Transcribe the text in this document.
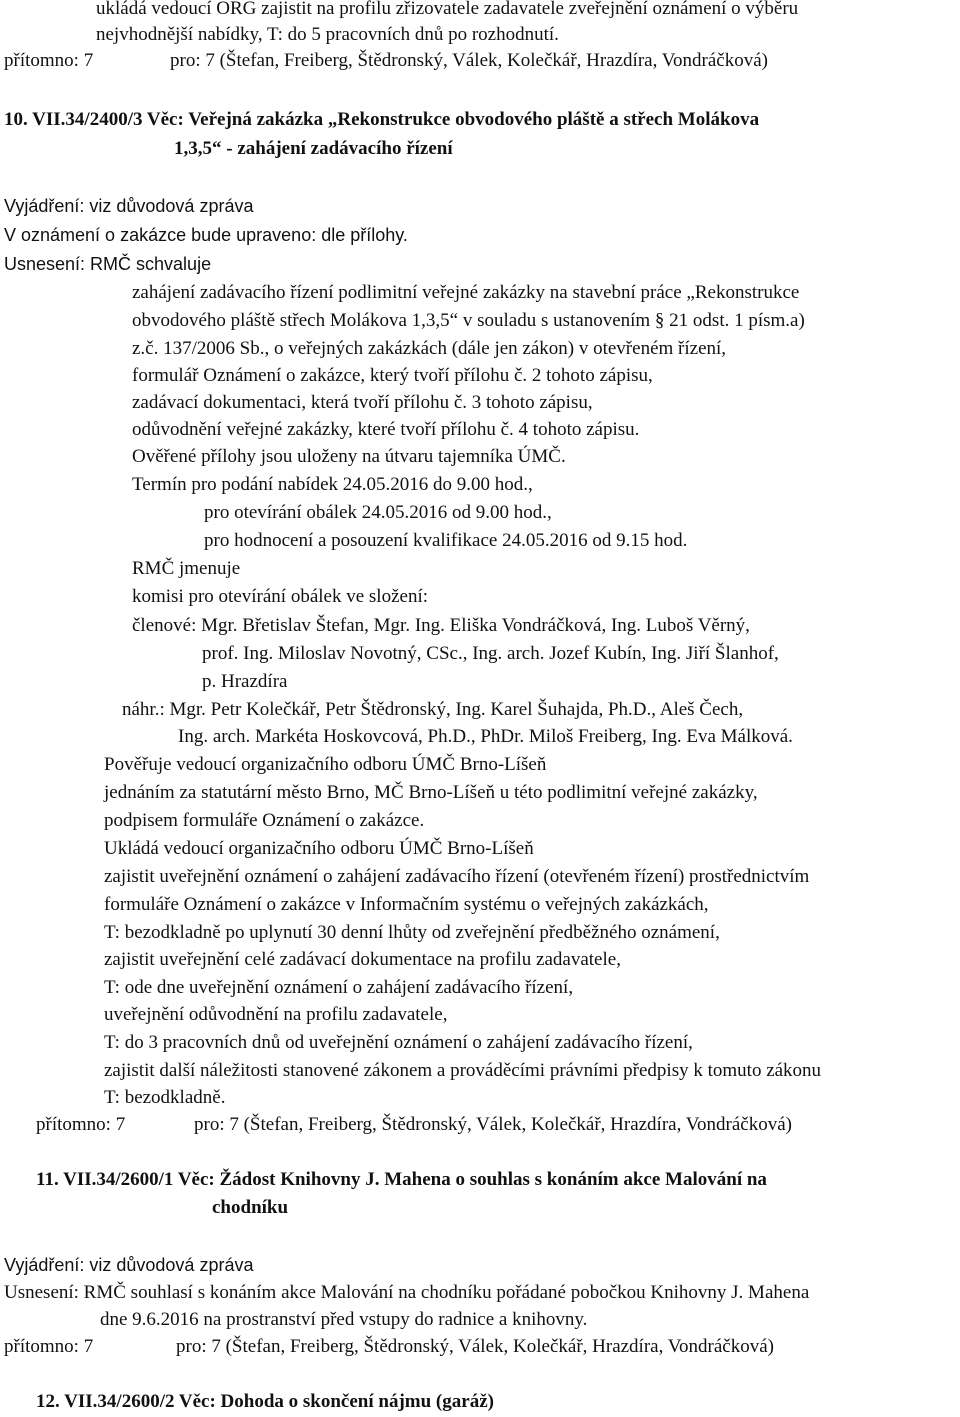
ukládá vedoucí ORG zajistit na profilu zřizovatele zadavatele zveřejnění oznámení o výběru
nejvhodnější nabídky, T: do 5 pracovních dnů po rozhodnutí.
přítomno: 7	pro: 7 (Štefan, Freiberg, Štědronský, Válek, Kolečkář, Hrazdíra, Vondráčková)
10. VII.34/2400/3 Věc: Veřejná zakázka „Rekonstrukce obvodového pláště a střech Molákova
1,3,5“ - zahájení zadávacího řízení
Vyjádření: viz důvodová zpráva
V oznámení o zakázce bude upraveno: dle přílohy.
Usnesení: RMČ schvaluje
zahájení zadávacího řízení podlimitní veřejné zakázky na stavební práce „Rekonstrukce
obvodového pláště střech Molákova 1,3,5“ v souladu s ustanovením § 21 odst. 1 písm.a)
z.č. 137/2006 Sb., o veřejných zakázkách (dále jen zákon) v otevřeném řízení,
formulář Oznámení o zakázce, který tvoří přílohu č. 2 tohoto zápisu,
zadávací dokumentaci, která tvoří přílohu č. 3 tohoto zápisu,
odůvodnění veřejné zakázky, které tvoří přílohu č. 4 tohoto zápisu.
Ověřené přílohy jsou uloženy na útvaru tajemníka ÚMČ.
Termín pro podání nabídek 24.05.2016 do 9.00 hod.,
pro otevírání obálek 24.05.2016 od 9.00 hod.,
pro hodnocení a posouzení kvalifikace 24.05.2016 od 9.15 hod.
RMČ jmenuje
komisi pro otevírání obálek ve složení:
členové: Mgr. Břetislav Štefan, Mgr. Ing. Eliška Vondráčková, Ing. Luboš Věrný,
prof. Ing. Miloslav Novotný, CSc., Ing. arch. Jozef Kubín, Ing. Jiří Šlanhof,
p. Hrazdíra
náhr.: Mgr. Petr Kolečkář, Petr Štědronský, Ing. Karel Šuhajda, Ph.D., Aleš Čech,
Ing. arch. Markéta Hoskovcová, Ph.D., PhDr. Miloš Freiberg, Ing. Eva Málková.
Pověřuje vedoucí organizačního odboru ÚMČ Brno-Líšeň
jednáním za statutární město Brno, MČ Brno-Líšeň u této podlimitní veřejné zakázky,
podpisem formuláře Oznámení o zakázce.
Ukládá vedoucí organizačního odboru ÚMČ Brno-Líšeň
zajistit uveřejnění oznámení o zahájení zadávacího řízení (otevřeném řízení) prostřednictvím
formuláře Oznámení o zakázce v Informačním systému o veřejných zakázkách,
T: bezodkladně po uplynutí 30 denní lhůty od zveřejnění předběžného oznámení,
zajistit uveřejnění celé zadávací dokumentace na profilu zadavatele,
T: ode dne uveřejnění oznámení o zahájení zadávacího řízení,
uveřejnění odůvodnění na profilu zadavatele,
T: do 3 pracovních dnů od uveřejnění oznámení o zahájení zadávacího řízení,
zajistit další náležitosti stanovené zákonem a prováděcími právními předpisy k tomuto zákonu
T: bezodkladně.
přítomno: 7	pro: 7 (Štefan, Freiberg, Štědronský, Válek, Kolečkář, Hrazdíra, Vondráčková)
11. VII.34/2600/1 Věc: Žádost Knihovny J. Mahena o souhlas s konáním akce Malování na
chodníku
Vyjádření: viz důvodová zpráva
Usnesení: RMČ souhlasí s konáním akce Malování na chodníku pořádané pobočkou Knihovny J. Mahena
dne 9.6.2016 na prostranství před vstupy do radnice a knihovny.
přítomno: 7	pro: 7 (Štefan, Freiberg, Štědronský, Válek, Kolečkář, Hrazdíra, Vondráčková)
12. VII.34/2600/2 Věc: Dohoda o skončení nájmu (garáž)
